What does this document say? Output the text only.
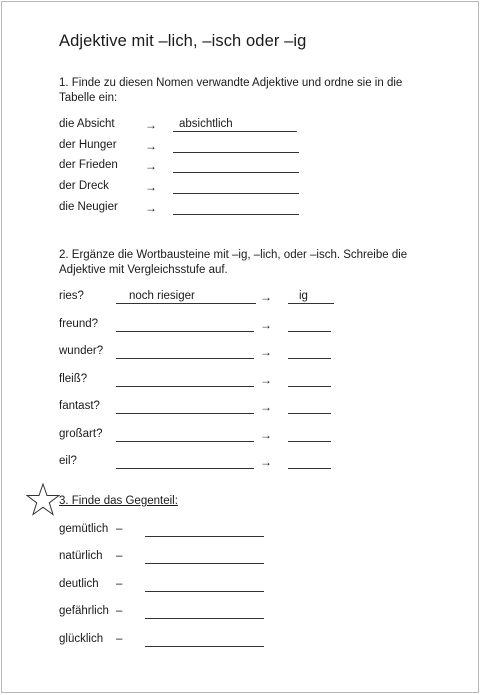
Adjektive mit –lich, –isch oder –ig
1. Finde zu diesen Nomen verwandte Adjektive und ordne sie in die Tabelle ein:
die Absicht	→ absichtlich
der Hunger →
der Frieden →
der Dreck	→
die Neugier →
2. Ergänze die Wortbausteine mit –ig, –lich, oder –isch. Schreibe die Adjektive mit Vergleichsstufe auf.
ries?	noch riesiger	→ ig
freund?	→
wunder?	→
fleiß?	→
fantast?	→
großart?	→
eil?	→
3. Finde das Gegenteil:
gemütlich –
natürlich –
deutlich –
gefährlich –
glücklich –
